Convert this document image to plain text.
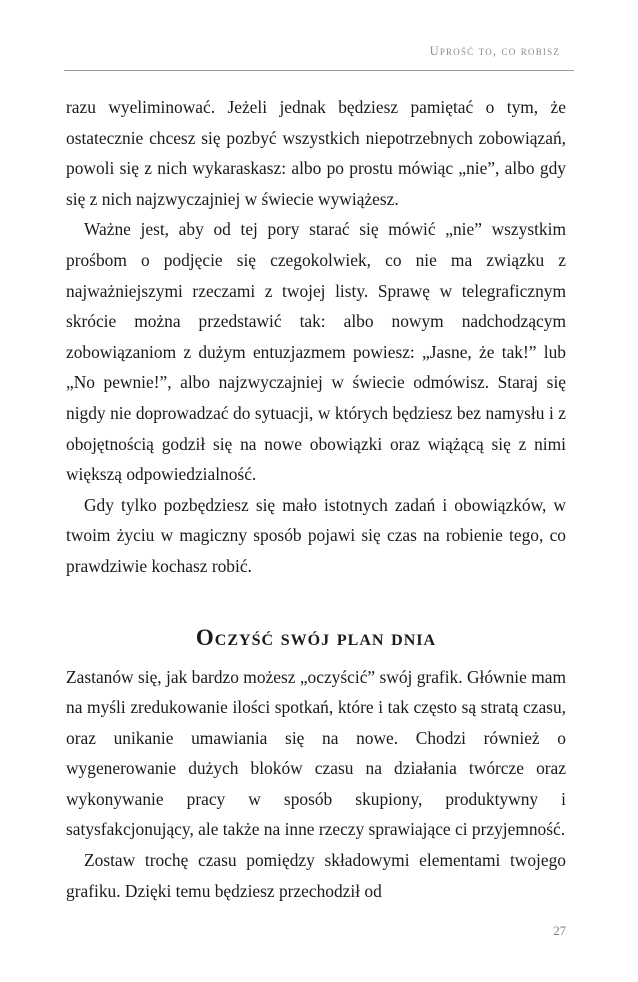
Uprość to, co robisz

razu wyeliminować. Jeżeli jednak będziesz pamiętać o tym, że ostatecznie chcesz się pozbyć wszystkich niepotrzebnych zobowiązań, powoli się z nich wykaraskasz: albo po prostu mówiąc „nie”, albo gdy się z nich najzwyczajniej w świecie wywiążesz.

Ważne jest, aby od tej pory starać się mówić „nie” wszystkim prośbom o podjęcie się czegokolwiek, co nie ma związku z najważniejszymi rzeczami z twojej listy. Sprawę w telegraficznym skrócie można przedstawić tak: albo nowym nadchodzącym zobowiązaniom z dużym entuzjazmem powiesz: „Jasne, że tak!” lub „No pewnie!”, albo najzwyczajniej w świecie odmówisz. Staraj się nigdy nie doprowadzać do sytuacji, w których będziesz bez namysłu i z obojętnością godził się na nowe obowiązki oraz wiążącą się z nimi większą odpowiedzialność.

Gdy tylko pozbędziesz się mało istotnych zadań i obowiązków, w twoim życiu w magiczny sposób pojawi się czas na robienie tego, co prawdziwie kochasz robić.

Oczyść swój plan dnia

Zastanów się, jak bardzo możesz „oczyścić” swój grafik. Głównie mam na myśli zredukowanie ilości spotkań, które i tak często są stratą czasu, oraz unikanie umawiania się na nowe. Chodzi również o wygenerowanie dużych bloków czasu na działania twórcze oraz wykonywanie pracy w sposób skupiony, produktywny i satysfakcjonujący, ale także na inne rzeczy sprawiające ci przyjemność.

Zostaw trochę czasu pomiędzy składowymi elementami twojego grafiku. Dzięki temu będziesz przechodził od

27
